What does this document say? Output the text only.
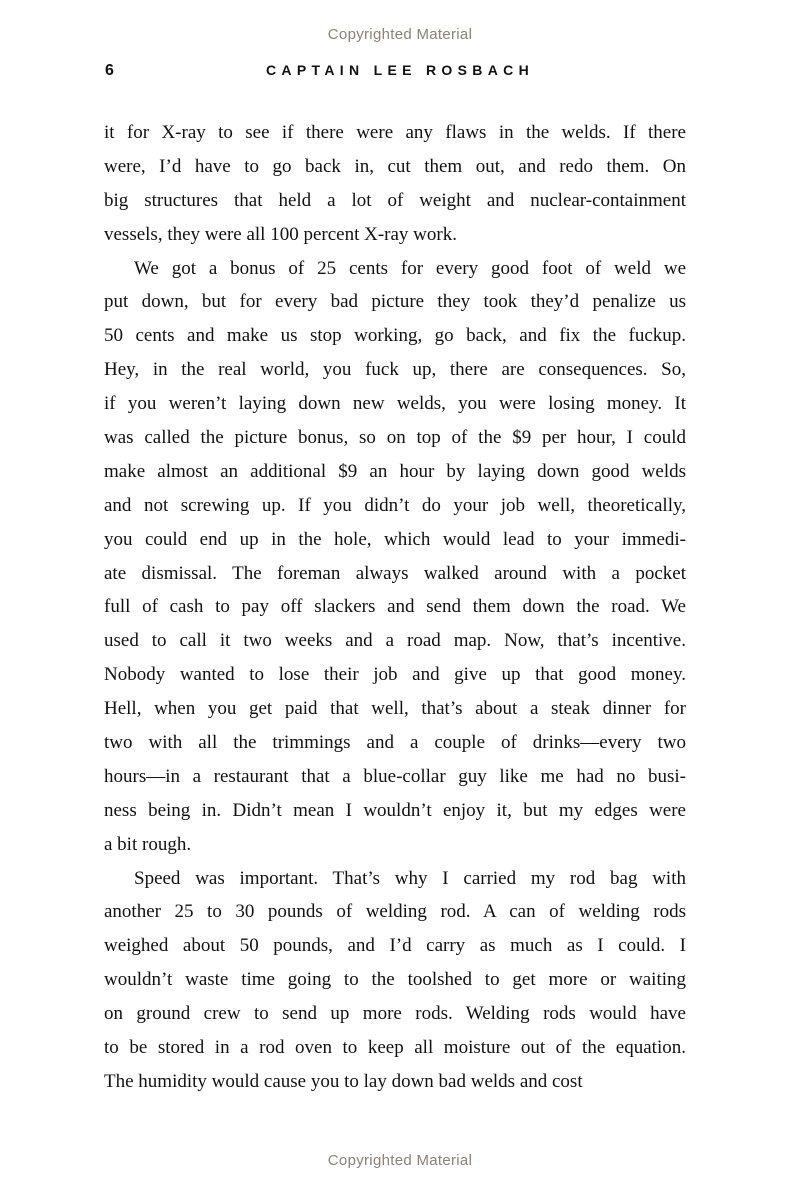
Copyrighted Material
6	CAPTAIN LEE ROSBACH
it for X-ray to see if there were any flaws in the welds. If there
were, I’d have to go back in, cut them out, and redo them. On
big structures that held a lot of weight and nuclear-containment
vessels, they were all 100 percent X-ray work.
We got a bonus of 25 cents for every good foot of weld we
put down, but for every bad picture they took they’d penalize us
50 cents and make us stop working, go back, and fix the fuckup.
Hey, in the real world, you fuck up, there are consequences. So,
if you weren’t laying down new welds, you were losing money. It
was called the picture bonus, so on top of the $9 per hour, I could
make almost an additional $9 an hour by laying down good welds
and not screwing up. If you didn’t do your job well, theoretically,
you could end up in the hole, which would lead to your immedi-
ate dismissal. The foreman always walked around with a pocket
full of cash to pay off slackers and send them down the road. We
used to call it two weeks and a road map. Now, that’s incentive.
Nobody wanted to lose their job and give up that good money.
Hell, when you get paid that well, that’s about a steak dinner for
two with all the trimmings and a couple of drinks—every two
hours—in a restaurant that a blue-collar guy like me had no busi-
ness being in. Didn’t mean I wouldn’t enjoy it, but my edges were
a bit rough.
Speed was important. That’s why I carried my rod bag with
another 25 to 30 pounds of welding rod. A can of welding rods
weighed about 50 pounds, and I’d carry as much as I could. I
wouldn’t waste time going to the toolshed to get more or waiting
on ground crew to send up more rods. Welding rods would have
to be stored in a rod oven to keep all moisture out of the equation.
The humidity would cause you to lay down bad welds and cost
Copyrighted Material
